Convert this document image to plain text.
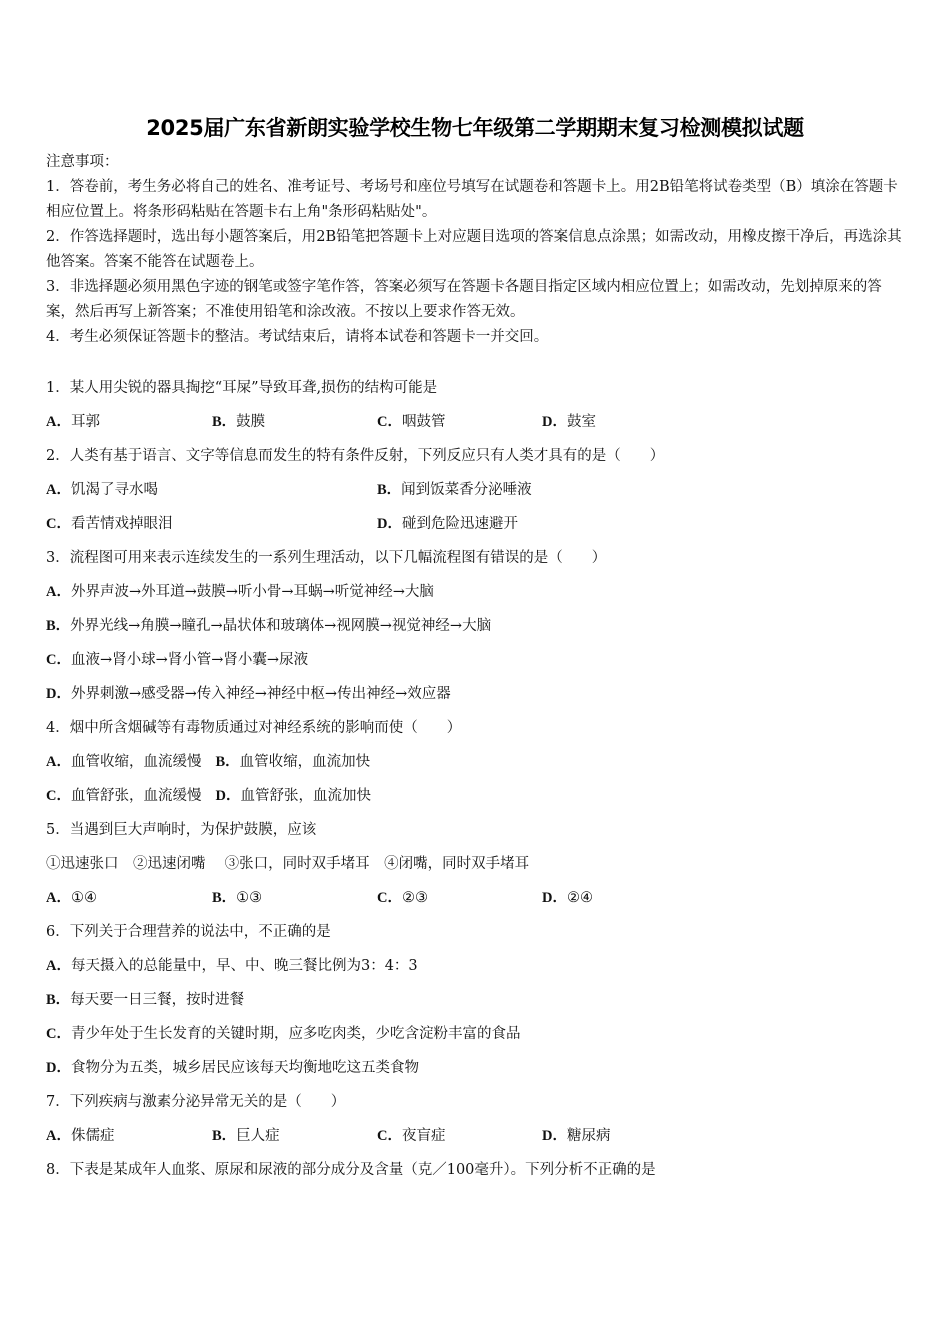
2025届广东省新朗实验学校生物七年级第二学期期末复习检测模拟试题

注意事项：

1．答卷前，考生务必将自己的姓名、准考证号、考场号和座位号填写在试题卷和答题卡上。用2B铅笔将试卷类型（B）填涂在答题卡相应位置上。将条形码粘贴在答题卡右上角"条形码粘贴处"。

2．作答选择题时，选出每小题答案后，用2B铅笔把答题卡上对应题目选项的答案信息点涂黑；如需改动，用橡皮擦干净后，再选涂其他答案。答案不能答在试题卷上。

3．非选择题必须用黑色字迹的钢笔或签字笔作答，答案必须写在答题卡各题目指定区域内相应位置上；如需改动，先划掉原来的答案，然后再写上新答案；不准使用铅笔和涂改液。不按以上要求作答无效。

4．考生必须保证答题卡的整洁。考试结束后，请将本试卷和答题卡一并交回。

1．某人用尖锐的器具掏挖“耳屎”导致耳聋,损伤的结构可能是
A．耳郭	B．鼓膜	C．咽鼓管	D．鼓室
2．人类有基于语言、文字等信息而发生的特有条件反射，下列反应只有人类才具有的是（　　）
A．饥渴了寻水喝	B．闻到饭菜香分泌唾液
C．看苦情戏掉眼泪	D．碰到危险迅速避开
3．流程图可用来表示连续发生的一系列生理活动，以下几幅流程图有错误的是（　　）
A．外界声波→外耳道→鼓膜→听小骨→耳蜗→听觉神经→大脑
B．外界光线→角膜→瞳孔→晶状体和玻璃体→视网膜→视觉神经→大脑
C．血液→肾小球→肾小管→肾小囊→尿液
D．外界刺激→感受器→传入神经→神经中枢→传出神经→效应器
4．烟中所含烟碱等有毒物质通过对神经系统的影响而使（　　）
A．血管收缩，血流缓慢 B．血管收缩，血流加快
C．血管舒张，血流缓慢 D．血管舒张，血流加快
5．当遇到巨大声响时，为保护鼓膜，应该
①迅速张口　②迅速闭嘴　 ③张口，同时双手堵耳　④闭嘴，同时双手堵耳
A．①④	B．①③	C．②③	D．②④
6．下列关于合理营养的说法中，不正确的是
A．每天摄入的总能量中，早、中、晚三餐比例为3：4：3
B．每天要一日三餐，按时进餐
C．青少年处于生长发育的关键时期，应多吃肉类，少吃含淀粉丰富的食品
D．食物分为五类，城乡居民应该每天均衡地吃这五类食物
7．下列疾病与激素分泌异常无关的是（　　）
A．侏儒症	B．巨人症	C．夜盲症	D．糖尿病
8．下表是某成年人血浆、原尿和尿液的部分成分及含量（克／100毫升）。下列分析不正确的是
